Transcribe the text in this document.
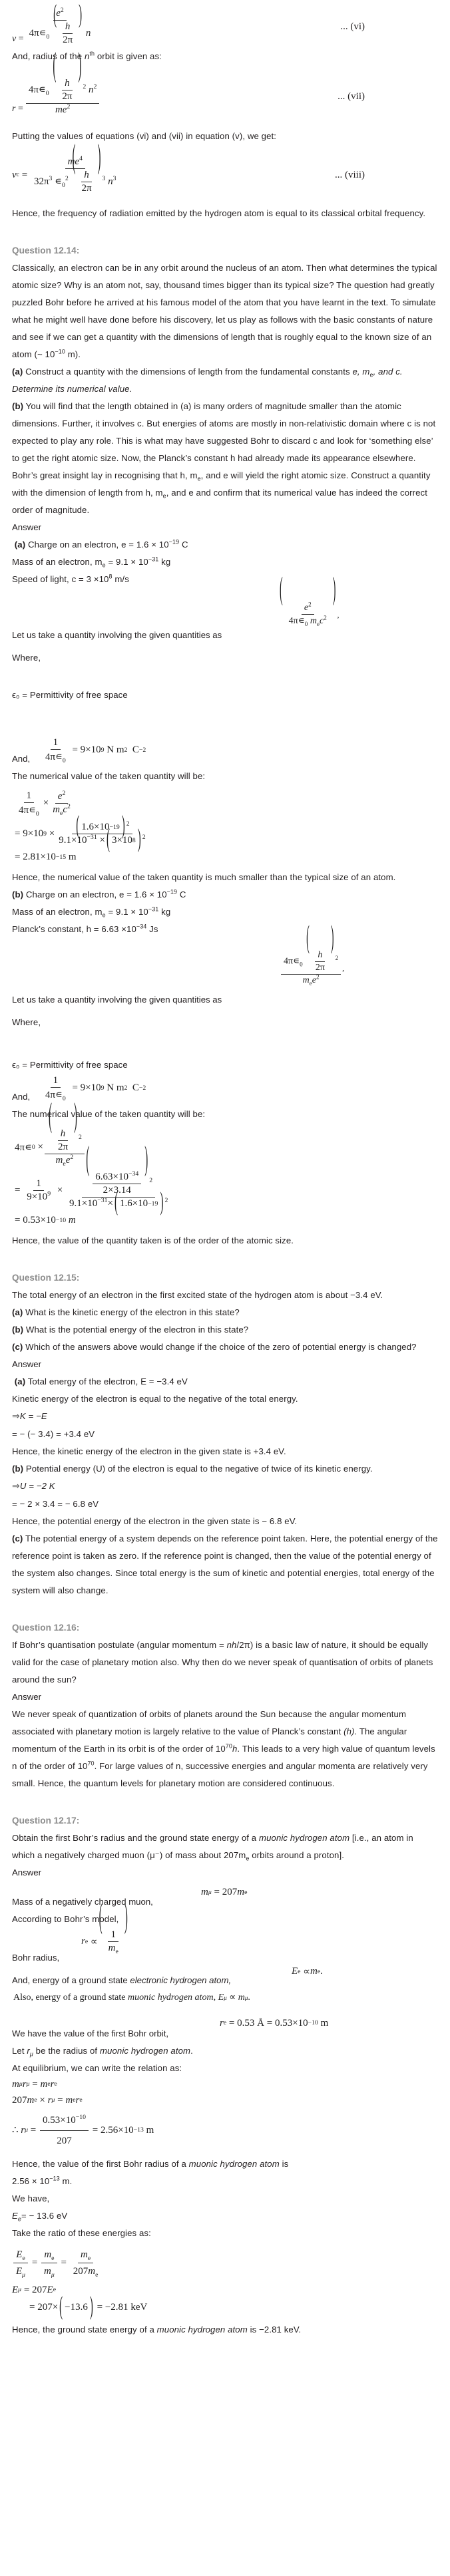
$v = e^2$
$4\pi∊_0$
(
$\frac{h}{2\pi}$
)
n	... (vi)

And, radius of the $n^{th}$ orbit is given as:

$r = 4\pi∊_0$
(
$\frac{h}{2\pi}$
)
$^2$ $n^2$
$me^2$	... (vii)

Putting the values of equations (vi) and (vii) in equation (v), we get:

v $c = me^4$
$32\pi^3$ $∊_0^2$
(
$\frac{h}{2\pi}$
)
$^3$ $n^3$	... (viii)

Hence, the frequency of radiation emitted by the hydrogen atom is equal to its classical orbital frequency.

Question 12.14:

Classically, an electron can be in any orbit around the nucleus of an atom. Then what determines the typical atomic size? Why is an atom not, say, thousand times bigger than its typical size? The question had greatly puzzled Bohr before he arrived at his famous model of the atom that you have learnt in the text. To simulate what he might well have done before his discovery, let us play as follows with the basic constants of nature and see if we can get a quantity with the dimensions of length that is roughly equal to the known size of an atom (~ $10^{-10}$ m).

(a) Construct a quantity with the dimensions of length from the fundamental constants e, $m_e$, and c. Determine its numerical value.

(b) You will find that the length obtained in (a) is many orders of magnitude smaller than the atomic dimensions. Further, it involves c. But energies of atoms are mostly in non-relativistic domain where c is not expected to play any role. This is what may have suggested Bohr to discard c and look for ‘something else’ to get the right atomic size. Now, the Planck’s constant h had already made its appearance elsewhere. Bohr’s great insight lay in recognising that h, $m_e$, and e will yield the right atomic size. Construct a quantity with the dimension of length from h, $m_e$, and e and confirm that its numerical value has indeed the correct order of magnitude.

Answer

(a) Charge on an electron, $e = 1.6 \times 10^{-19}$ C

Mass of an electron, $m_e = 9.1 \times 10^{-31}$ kg

Speed of light, $c = 3 \times 10^8$ m/s	(
$\frac{e^2}{4\pi∊_0 m_ec^2}$
)
,
Let us take a quantity involving the given quantities as

Where,

ϵ₀ = Permittivity of free space

And, $\frac{1}{4\pi∊_0} = 9\times 10$ 9 N m 2 C −2

The numerical value of the taken quantity will be:

$\frac{1}{4\pi∊_0} \times \frac{e^2}{m_ec^2}$
= 9×10 $9 \times \frac{( 1.6\times 10 -19 ) ^2}{9.1\times 10^{-31} \times ( 3\times 10 8 ) ^2}$
= 2.81×10 −15
m

Hence, the numerical value of the taken quantity is much smaller than the typical size of an atom.

(b) Charge on an electron, $e = 1.6 \times 10^{-19}$ C

Mass of an electron, $m_e = 9.1 \times 10^{-31}$ kg

Planck’s constant, $h = 6.63 \times 10^{-34}$ Js

$4\pi∊_0$
(
$\frac{h}{2\pi}$
)
$^2$
$m_ee^2$ ,
Let us take a quantity involving the given quantities as

Where,

ϵ₀ = Permittivity of free space

And, $\frac{1}{4\pi∊_0} = 9\times 10$ 9 N m 2 C −2

The numerical value of the taken quantity will be:

4π∊ 0 × (
$\frac{h}{2\pi}$
)
$^2$
$m_ee^2$
= $\frac{1}{9\times 10^9}$ × (
$\frac{6.63\times 10^{-34}}{2\times 3.14}$
)
$^2$
$9.1\times 10^{-31}\times$ ( 1.6×10 −19 ) $^2$
= 0.53×10 −10
m

Hence, the value of the quantity taken is of the order of the atomic size.

Question 12.15:

The total energy of an electron in the first excited state of the hydrogen atom is about −3.4 eV.

(a) What is the kinetic energy of the electron in this state?

(b) What is the potential energy of the electron in this state?

(c) Which of the answers above would change if the choice of the zero of potential energy is changed?

Answer

(a) Total energy of the electron, E = −3.4 eV

Kinetic energy of the electron is equal to the negative of the total energy.

⇒K = −E

= − (− 3.4) = +3.4 eV

Hence, the kinetic energy of the electron in the given state is +3.4 eV.

(b) Potential energy (U) of the electron is equal to the negative of twice of its kinetic energy.

⇒U = −2 K

= − 2 × 3.4 = − 6.8 eV

Hence, the potential energy of the electron in the given state is − 6.8 eV.

(c) The potential energy of a system depends on the reference point taken. Here, the potential energy of the reference point is taken as zero. If the reference point is changed, then the value of the potential energy of the system also changes. Since total energy is the sum of kinetic and potential energies, total energy of the system will also change.

Question 12.16:

If Bohr’s quantisation postulate (angular momentum = nh/2π) is a basic law of nature, it should be equally valid for the case of planetary motion also. Why then do we never speak of quantisation of orbits of planets around the sun?

Answer

We never speak of quantization of orbits of planets around the Sun because the angular momentum associated with planetary motion is largely relative to the value of Planck’s constant (h). The angular momentum of the Earth in its orbit is of the order of $10^{70}h$. This leads to a very high value of quantum levels n of the order of $10^{70}$. For large values of n, successive energies and angular momenta are relatively very small. Hence, the quantum levels for planetary motion are considered continuous.

Question 12.17:

Obtain the first Bohr’s radius and the ground state energy of a muonic hydrogen atom [i.e., an atom in which a negatively charged muon (μ⁻) of mass about $207m_e$ orbits around a proton].

Answer

Mass of a negatively charged muon,
m μ = 207 m e

According to Bohr’s model,

Bohr radius,
r e ∝
(
$\frac{1}{m_e}$
)
And, energy of a ground state electronic hydrogen atom,
E e ∝ m e .
Also, energy of a ground state muonic hydrogen atom ,
E μ ∝ m μ .
We have the value of the first Bohr orbit,
r e = 0.53 Å = 0.53×10 −10
m

Let $r_\mu$ be the radius of muonic hydrogen atom.

At equilibrium, we can write the relation as:

m μ r μ = m e r e
207 m e × r μ = m e r e
∴ r $\mu = \frac{0.53\times 10^{-10}}{207} = 2.56\times 10 -13$
m

Hence, the value of the first Bohr radius of a muonic hydrogen atom is

$2.56 \times 10^{-13}$ m.

We have,

$E_e= - 13.6$ eV

Take the ratio of these energies as:

$\frac{E_e}{E_\mu} = \frac{m_e}{m_\mu} = \frac{m_e}{207m_e}$
E μ = 207 E e
= 207× ( −13.6 ) = −2.81 keV

Hence, the ground state energy of a muonic hydrogen atom is −2.81 keV.
